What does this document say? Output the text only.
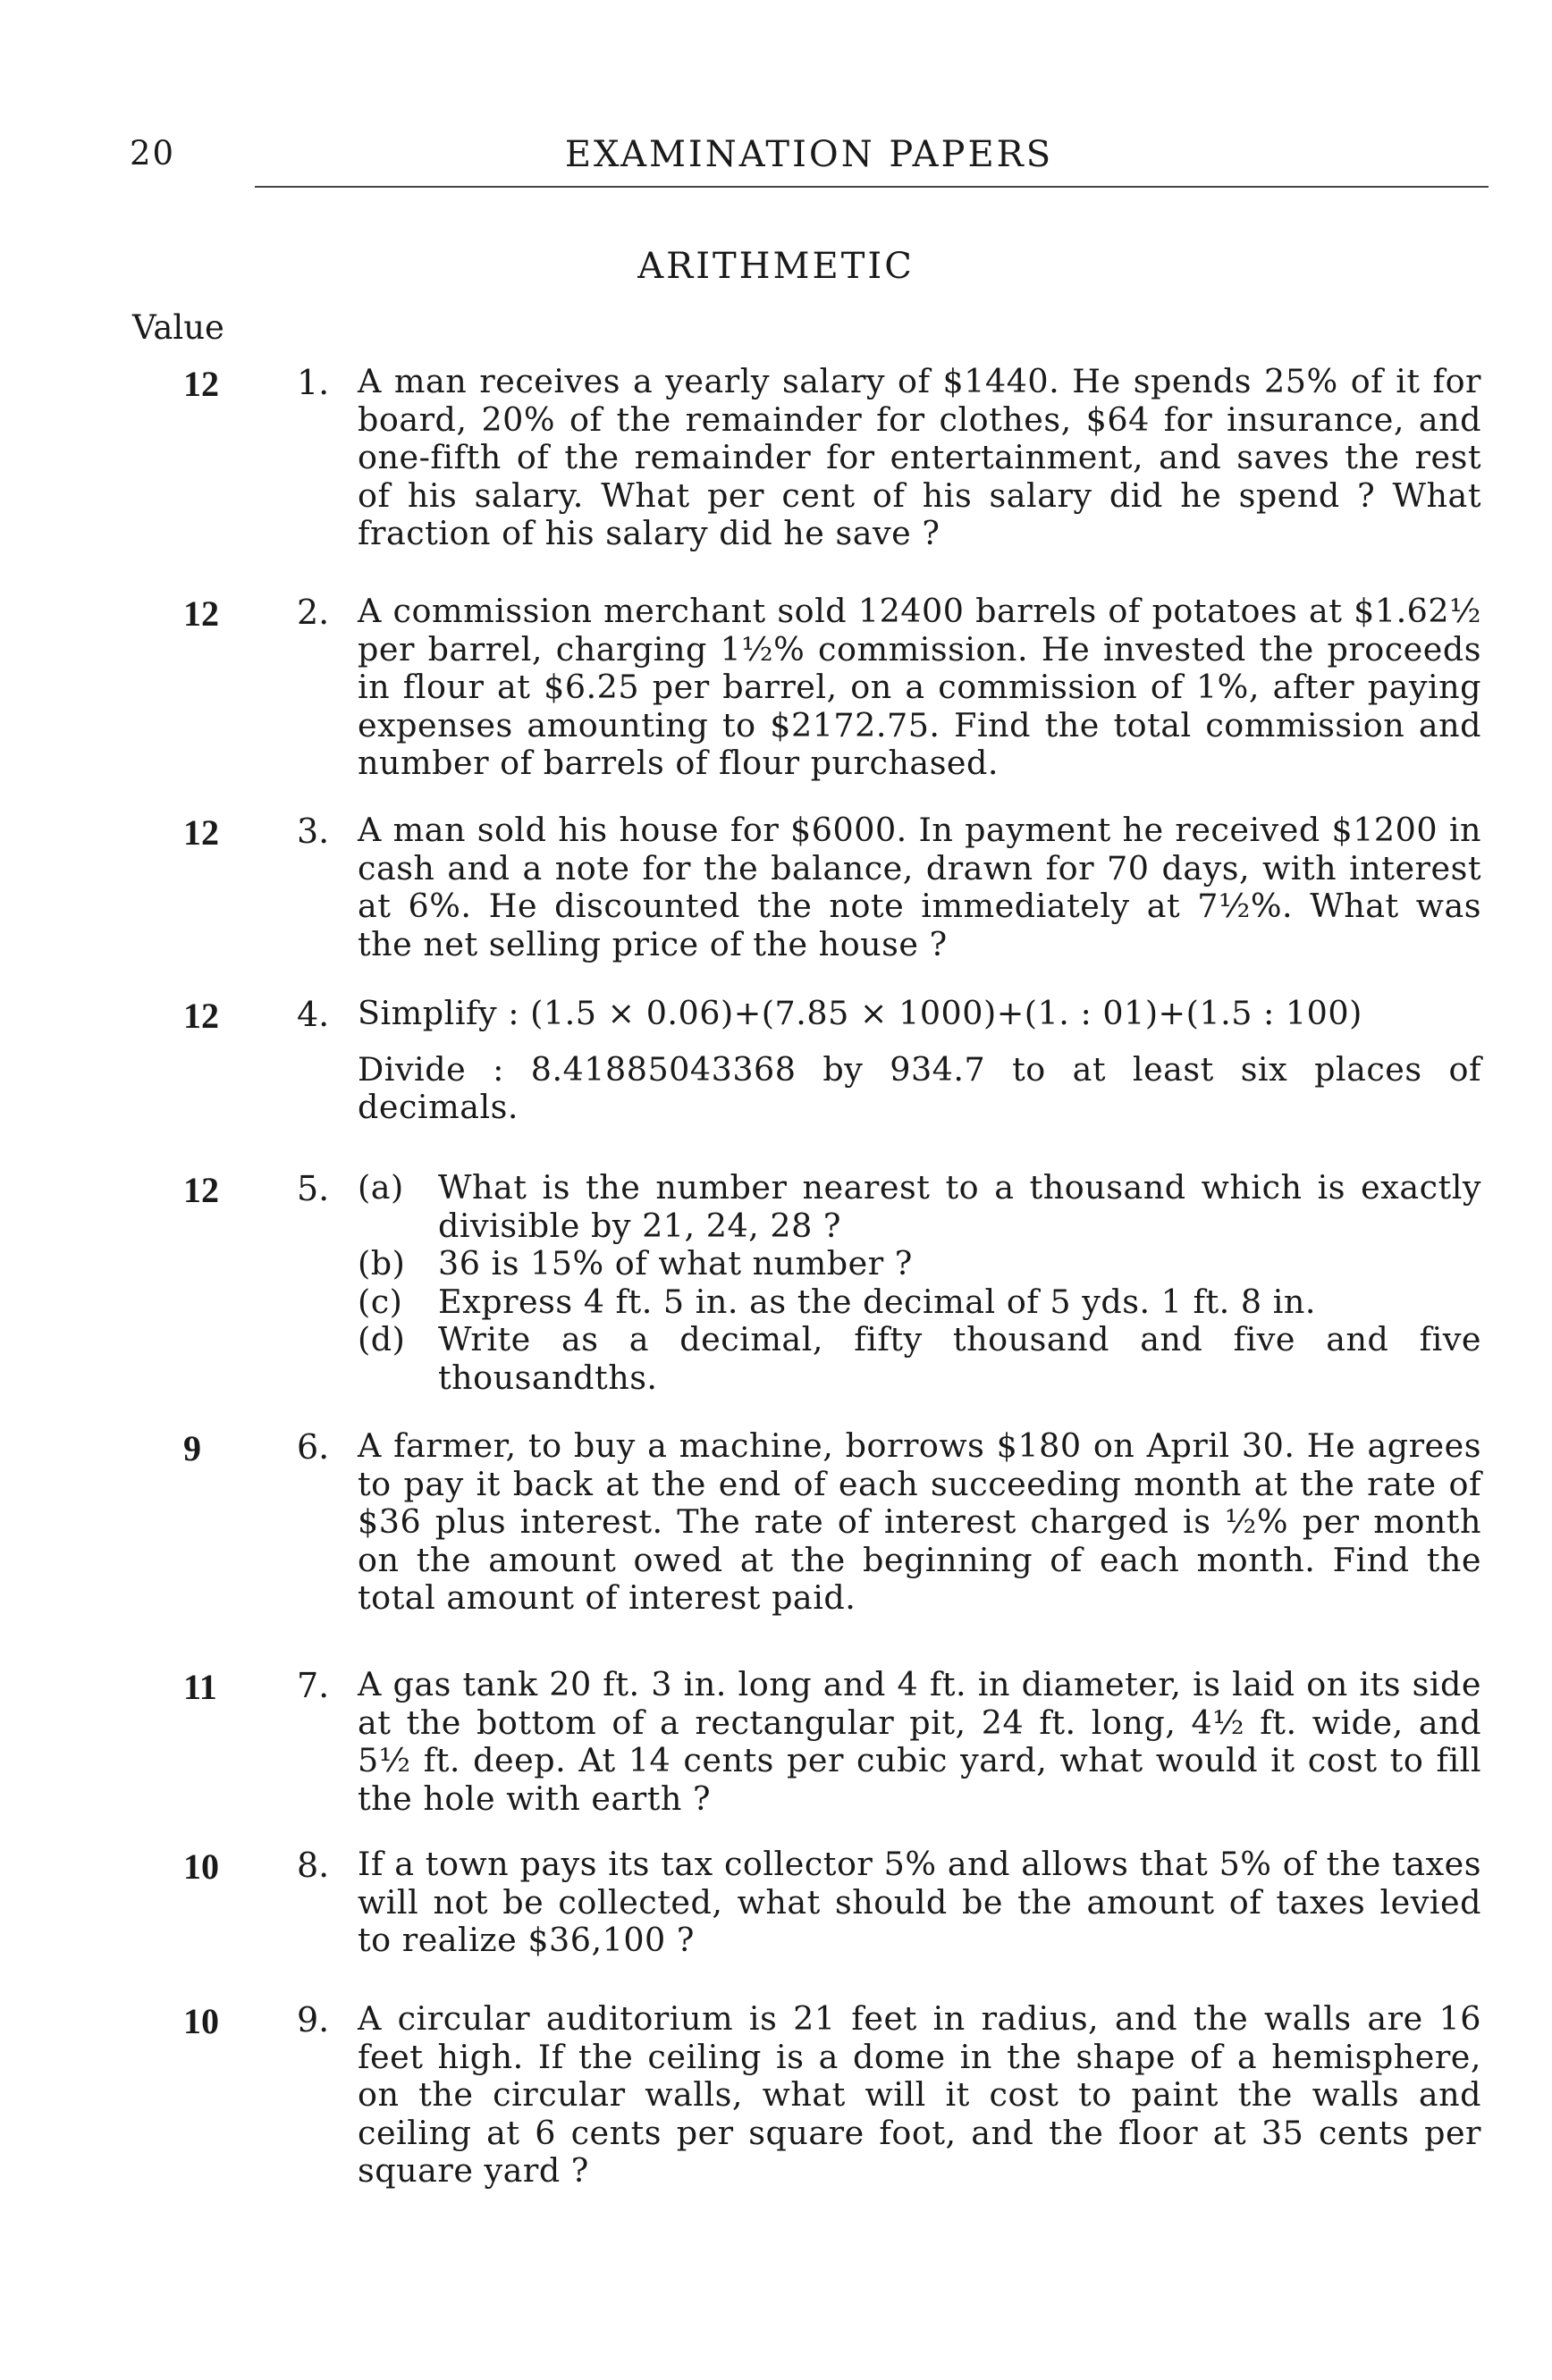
20	EXAMINATION PAPERS
ARITHMETIC
Value
12 1. A man receives a yearly salary of $1440. He spends 25% of it for board, 20% of the remainder for clothes, $64 for insurance, and one-fifth of the remainder for entertainment, and saves the rest of his salary. What per cent of his salary did he spend ? What fraction of his salary did he save ?
12 2. A commission merchant sold 12400 barrels of potatoes at $1.62½ per barrel, charging 1½% commission. He invested the proceeds in flour at $6.25 per barrel, on a commission of 1%, after paying expenses amounting to $2172.75. Find the total commission and number of barrels of flour purchased.
12 3. A man sold his house for $6000. In payment he received $1200 in cash and a note for the balance, drawn for 70 days, with interest at 6%. He discounted the note immediately at 7½%. What was the net selling price of the house ?
12 4. Simplify : (1.5 × 0.06)+(7.85 × 1000)+(1. : 01)+(1.5 : 100)
Divide : 8.41885043368 by 934.7 to at least six places of decimals.
12 5. (a) What is the number nearest to a thousand which is exactly divisible by 21, 24, 28 ?
(b) 36 is 15% of what number ?
(c) Express 4 ft. 5 in. as the decimal of 5 yds. 1 ft. 8 in.
(d) Write as a decimal, fifty thousand and five and five thousandths.
9	6. A farmer, to buy a machine, borrows $180 on April 30. He agrees to pay it back at the end of each succeeding month at the rate of $36 plus interest. The rate of interest charged is ½% per month on the amount owed at the beginning of each month. Find the total amount of interest paid.
11 7. A gas tank 20 ft. 3 in. long and 4 ft. in diameter, is laid on its side at the bottom of a rectangular pit, 24 ft. long, 4½ ft. wide, and 5½ ft. deep. At 14 cents per cubic yard, what would it cost to fill the hole with earth ?
10 8. If a town pays its tax collector 5% and allows that 5% of the taxes will not be collected, what should be the amount of taxes levied to realize $36,100 ?
10 9. A circular auditorium is 21 feet in radius, and the walls are 16 feet high. If the ceiling is a dome in the shape of a hemisphere, on the circular walls, what will it cost to paint the walls and ceiling at 6 cents per square foot, and the floor at 35 cents per square yard ?
